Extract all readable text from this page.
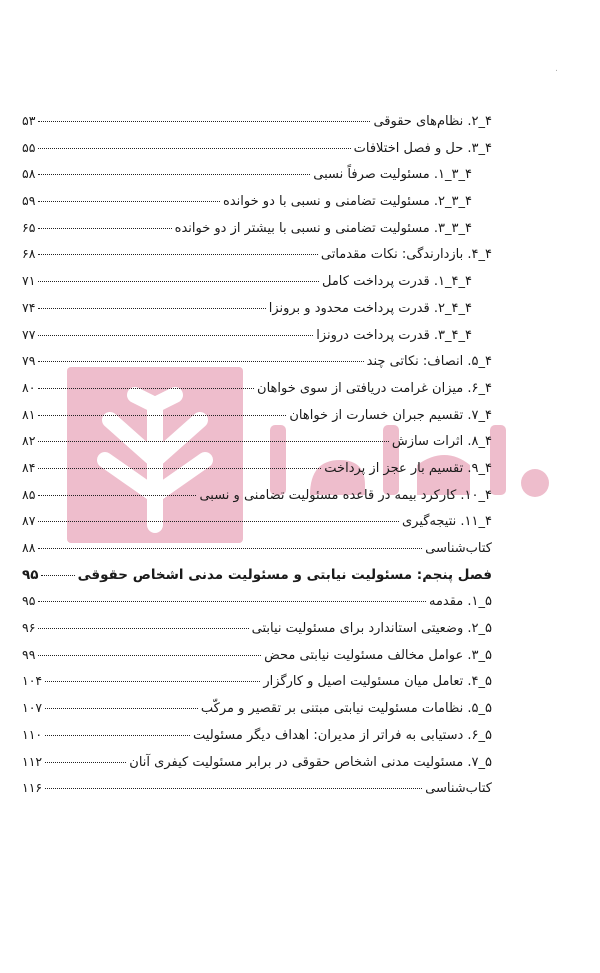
.
۴_۲. نظام‌های حقوقی
۵۳
۴_۳. حل و فصل اختلافات
۵۵
۴_۳_۱. مسئولیت صرفاً نسبی
۵۸
۴_۳_۲. مسئولیت تضامنی و نسبی با دو خوانده
۵۹
۴_۳_۳. مسئولیت تضامنی و نسبی با بیشتر از دو خوانده
۶۵
۴_۴. بازدارندگی: نکات مقدماتی
۶۸
۴_۴_۱. قدرت پرداخت کامل
۷۱
۴_۴_۲. قدرت پرداخت محدود و برونزا
۷۴
۴_۴_۳. قدرت پرداخت درونزا
۷۷
۴_۵. انصاف: نکاتی چند
۷۹
۴_۶. میزان غرامت دریافتی از سوی خواهان
۸۰
۴_۷. تقسیم جبران خسارت از خواهان
۸۱
۴_۸. اثرات سازش
۸۲
۴_۹. تقسیم بار عجز از پرداخت
۸۴
۴_۱۰. کارکرد بیمه در قاعده مسئولیت تضامنی و نسبی
۸۵
۴_۱۱. نتیجه‌گیری
۸۷
کتاب‌شناسی
۸۸
فصل پنجم: مسئولیت نیابتی و مسئولیت مدنی اشخاص حقوقی
۹۵
۵_۱. مقدمه
۹۵
۵_۲. وضعیتی استاندارد برای مسئولیت نیابتی
۹۶
۵_۳. عوامل مخالف مسئولیت نیابتی محض
۹۹
۵_۴. تعامل میان مسئولیت اصیل و کارگزار
۱۰۴
۵_۵. نظامات مسئولیت نیابتی مبتنی بر تقصیر و مرکّب
۱۰۷
۵_۶. دستیابی به فراتر از مدیران: اهداف دیگر مسئولیت
۱۱۰
۵_۷. مسئولیت مدنی اشخاص حقوقی در برابر مسئولیت کیفری آنان
۱۱۲
کتاب‌شناسی
۱۱۶
